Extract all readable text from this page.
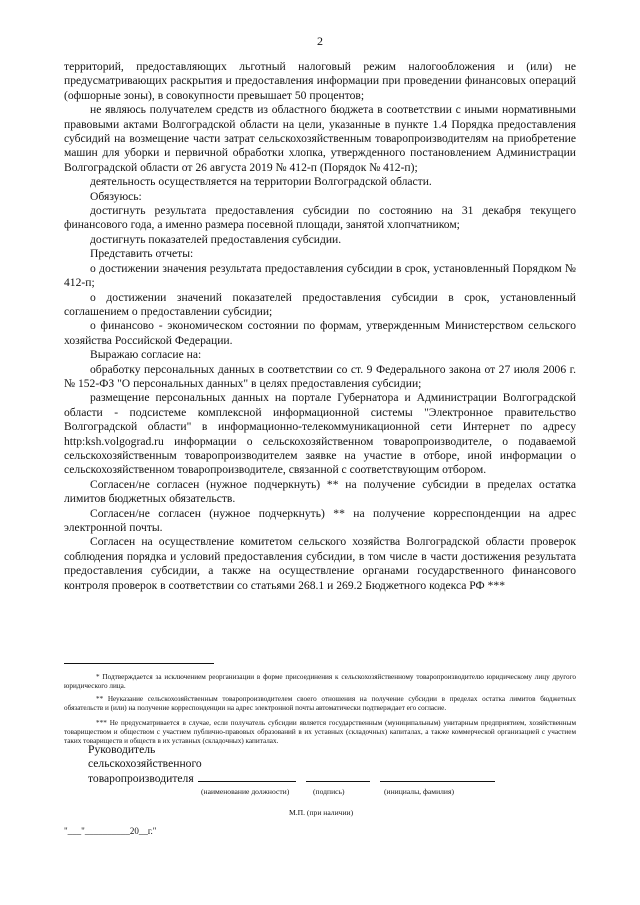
2

территорий, предоставляющих льготный налоговый режим налогообложения и (или) не предусматривающих раскрытия и предоставления информации при проведении финансовых операций (офшорные зоны), в совокупности превышает 50 процентов;

не являюсь получателем средств из областного бюджета в соответствии с иными нормативными правовыми актами Волгоградской области на цели, указанные в пункте 1.4 Порядка предоставления субсидий на возмещение части затрат сельскохозяйственным товаропроизводителям на приобретение машин для уборки и первичной обработки хлопка, утвержденного постановлением Администрации Волгоградской области от 26 августа 2019 № 412-п (Порядок № 412-п);

деятельность осуществляется на территории Волгоградской области.

Обязуюсь:

достигнуть результата предоставления субсидии по состоянию на 31 декабря текущего финансового года, а именно размера посевной площади, занятой хлопчатником;

достигнуть показателей предоставления субсидии.

Представить отчеты:

о достижении значения результата предоставления субсидии в срок, установленный Порядком № 412-п;

о достижении значений показателей предоставления субсидии в срок, установленный соглашением о предоставлении субсидии;

о финансово - экономическом состоянии по формам, утвержденным Министерством сельского хозяйства Российской Федерации.

Выражаю согласие на:

обработку персональных данных в соответствии со ст. 9 Федерального закона от 27 июля 2006 г. № 152-ФЗ "О персональных данных" в целях предоставления субсидии;

размещение персональных данных на портале Губернатора и Администрации Волгоградской области - подсистеме комплексной информационной системы "Электронное правительство Волгоградской области" в информационно-телекоммуникационной сети Интернет по адресу http:ksh.volgograd.ru информации о сельскохозяйственном товаропроизводителе, о подаваемой сельскохозяйственным товаропроизводителем заявке на участие в отборе, иной информации о сельскохозяйственном товаропроизводителе, связанной с соответствующим отбором.

Согласен/не согласен (нужное подчеркнуть) ** на получение субсидии в пределах остатка лимитов бюджетных обязательств.

Согласен/не согласен (нужное подчеркнуть) ** на получение корреспонденции на адрес электронной почты.

Согласен на осуществление комитетом сельского хозяйства Волгоградской области проверок соблюдения порядка и условий предоставления субсидии, в том числе в части достижения результата предоставления субсидии, а также на осуществление органами государственного финансового контроля проверок в соответствии со статьями 268.1 и 269.2 Бюджетного кодекса РФ ***

* Подтверждается за исключением реорганизации в форме присоединения к сельскохозяйственному товаропроизводителю юридическому лицу другого юридического лица.

** Неуказание сельскохозяйственным товаропроизводителем своего отношения на получение субсидии в пределах остатка лимитов бюджетных обязательств и (или) на получение корреспонденции на адрес электронной почты автоматически подтверждает его согласие.

*** Не предусматривается в случае, если получатель субсидии является государственным (муниципальным) унитарным предприятием, хозяйственным товариществом и обществом с участием публично-правовых образований в их уставных (складочных) капиталах, а также коммерческой организацией с участием таких товариществ и обществ в их уставных (складочных) капиталах.

Руководитель
сельскохозяйственного
товаропроизводителя
(наименование должности)	(подпись)	(инициалы, фамилия)
М.П. (при наличии)
"___"__________20__г."
